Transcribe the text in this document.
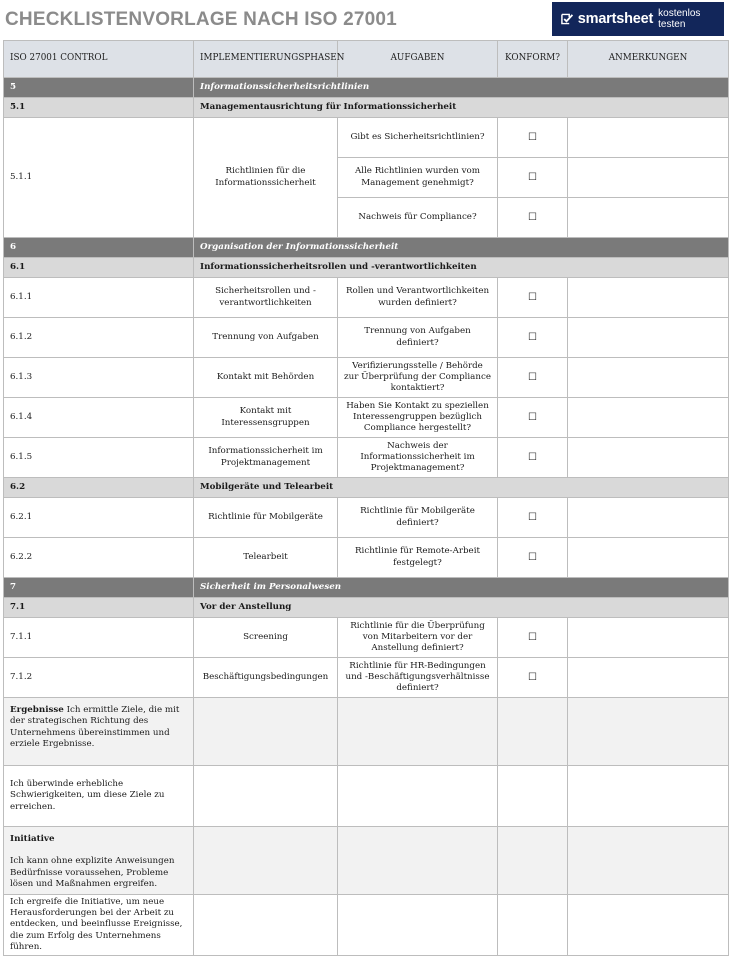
CHECKLISTENVORLAGE NACH ISO 27001	smartsheet kostenlos testen
ISO 27001 CONTROL	IMPLEMENTIERUNGSPHASEN	AUFGABEN	KONFORM?	ANMERKUNGEN
5	Informationssicherheitsrichtlinien			
5.1	Managementausrichtung für Informationssicherheit			
5.1.1	Richtlinien für die Informationssicherheit	Gibt es Sicherheitsrichtlinien?	☐	
		Alle Richtlinien wurden vom Management genehmigt?	☐	
		Nachweis für Compliance?	☐	
6	Organisation der Informationssicherheit			
6.1	Informationssicherheitsrollen und -verantwortlichkeiten			
6.1.1	Sicherheitsrollen und -verantwortlichkeiten	Rollen und Verantwortlichkeiten wurden definiert?	☐	
6.1.2	Trennung von Aufgaben	Trennung von Aufgaben definiert?	☐	
6.1.3	Kontakt mit Behörden	Verifizierungsstelle / Behörde zur Überprüfung der Compliance kontaktiert?	☐	
6.1.4	Kontakt mit Interessensgruppen	Haben Sie Kontakt zu speziellen Interessengruppen bezüglich Compliance hergestellt?	☐	
6.1.5	Informationssicherheit im Projektmanagement	Nachweis der Informationssicherheit im Projektmanagement?	☐	
6.2	Mobilgeräte und Telearbeit			
6.2.1	Richtlinie für Mobilgeräte	Richtlinie für Mobilgeräte definiert?	☐	
6.2.2	Telearbeit	Richtlinie für Remote-Arbeit festgelegt?	☐	
7	Sicherheit im Personalwesen			
7.1	Vor der Anstellung			
7.1.1	Screening	Richtlinie für die Überprüfung von Mitarbeitern vor der Anstellung definiert?	☐	
7.1.2	Beschäftigungsbedingungen	Richtlinie für HR-Bedingungen und -Beschäftigungsverhältnisse definiert?	☐	
Ergebnisse Ich ermittle Ziele, die mit der strategischen Richtung des Unternehmens übereinstimmen und erziele Ergebnisse.				
Ich überwinde erhebliche Schwierigkeiten, um diese Ziele zu erreichen.				
Initiative
Ich kann ohne explizite Anweisungen Bedürfnisse voraussehen, Probleme lösen und Maßnahmen ergreifen.				
Ich ergreife die Initiative, um neue Herausforderungen bei der Arbeit zu entdecken, und beeinflusse Ereignisse, die zum Erfolg des Unternehmens führen.				
